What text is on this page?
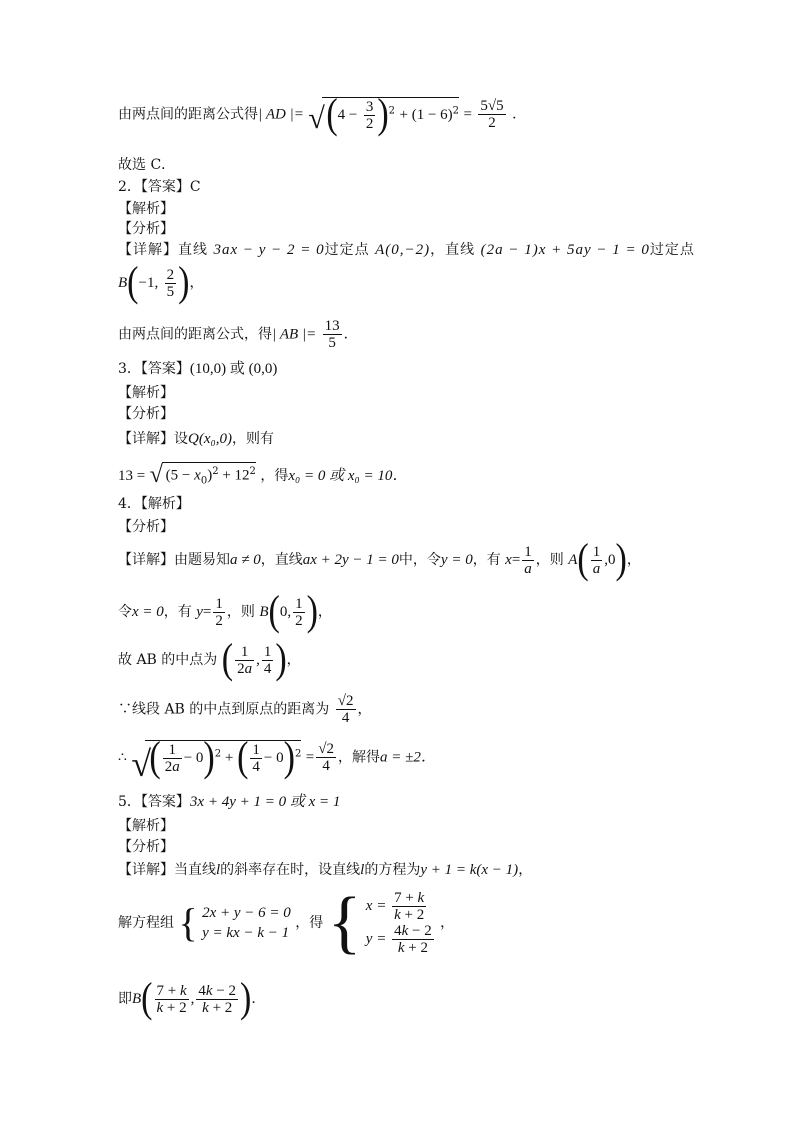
由两点间的距离公式得| AD |= √ $(4 - \frac{3}{2} )^2 + (1 - 6)^2 = \frac{5√5}{2}$ ．
故选 C．
2．【答案】C
【解析】
【分析】
【详解】直线 3ax − y − 2 = 0过定点 A(0,−2)，直线 (2a − 1)x + 5ay − 1 = 0过定点
B(−1, $\frac{2}{5}$ )，
由两点间的距离公式，得| AB |= $\frac{13}{5}$ ．
3．【答案】(10,0) 或 (0,0)
【解析】
【分析】
【详解】设Q(x₀,0)，则有
13 = √ $(5 - x_0)^2 + 12^2$ ，得x₀ = 0 或 x₀ = 10．
4．【解析】
【分析】
【详解】由题易知a ≠ 0，直线ax + 2y − 1 = 0中，令y = 0，有 $x= \frac{1}{a}$ ，则 $A( \frac{1}{a} ,0)$，
令x = 0，有 $y= \frac{1}{2}$ ，则 B(0, $\frac{1}{2}$ )，
故 AB 的中点为 ( $\frac{1}{2a}$ , $\frac{1}{4}$ )，
∵线段 AB 的中点到原点的距离为 $\frac{√2}{4}$ ，
∴ √
( $\frac{1}{2a} - 0)^2$ + ( $\frac{1}{4} - 0)^2 = \frac{√2}{4}$ ，解得a = ±2．
5．【答案】3x + 4y + 1 = 0 或 x = 1
【解析】
【分析】
【详解】当直线l的斜率存在时，设直线l的方程为y + 1 = k(x − 1)，
解方程组 { 2x + y − 6 = 0
y = kx − k − 1
，得 { $x = \frac{7 + k}{k + 2}$
$y = \frac{4k - 2}{k + 2}$ ，
即$B( \frac{7 + k}{k + 2}$ , $\frac{4k - 2}{k + 2}$ )．
